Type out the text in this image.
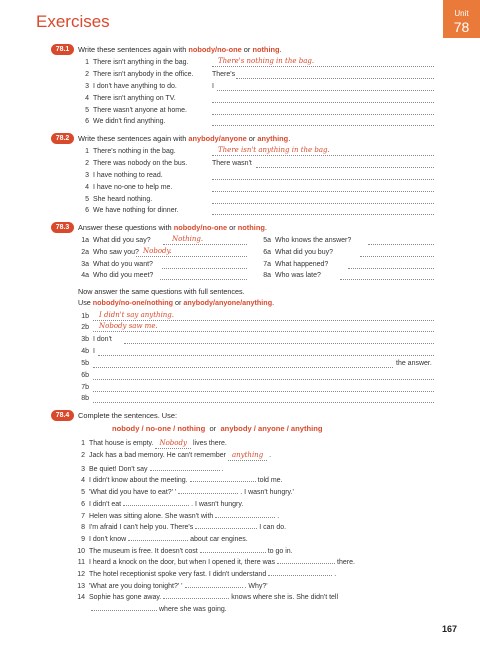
Exercises	Unit
78
78.1	Write these sentences again with nobody/no-one or nothing.
1 There isn't anything in the bag.	There's nothing in the bag.
2 There isn't anybody in the office.	There's
3 I don't have anything to do.	I
4 There isn't anything on TV.
5 There wasn't anyone at home.
6 We didn't find anything.
78.2	Write these sentences again with anybody/anyone or anything.
1 There's nothing in the bag.	There isn't anything in the bag.
2 There was nobody on the bus.	There wasn't
3 I have nothing to read.
4 I have no-one to help me.
5 She heard nothing.
6 We have nothing for dinner.
78.3	Answer these questions with nobody/no-one or nothing.
1a What did you say?	Nothing.
2a Who saw you? Nobody.
3a What do you want?
4a Who did you meet?
5a Who knows the answer?
6a What did you buy?
7a What happened?
8a Who was late?
Now answer the same questions with full sentences.
Use nobody/no-one/nothing or anybody/anyone/anything.
1b	I didn't say anything.
2b	Nobody saw me.
3b I don't
4b I
5b	the answer.
6b
7b
8b
78.4	Complete the sentences. Use:
nobody / no-one / nothing or anybody / anyone / anything
1 That house is empty. Nobody lives there.
2 Jack has a bad memory. He can't remember anything .
3 Be quiet! Don't say	.
4 I didn't know about the meeting.	told me.
5 'What did you have to eat?' '	. I wasn't hungry.'
6 I didn't eat	. I wasn't hungry.
7 Helen was sitting alone. She wasn't with	.
8 I'm afraid I can't help you. There's	I can do.
9 I don't know	about car engines.
10 The museum is free. It doesn't cost	to go in.
11 I heard a knock on the door, but when I opened it, there was	there.
12 The hotel receptionist spoke very fast. I didn't understand	.
13 'What are you doing tonight?' '	. Why?'
14 Sophie has gone away.	knows where she is. She didn't tell
where she was going.
167
